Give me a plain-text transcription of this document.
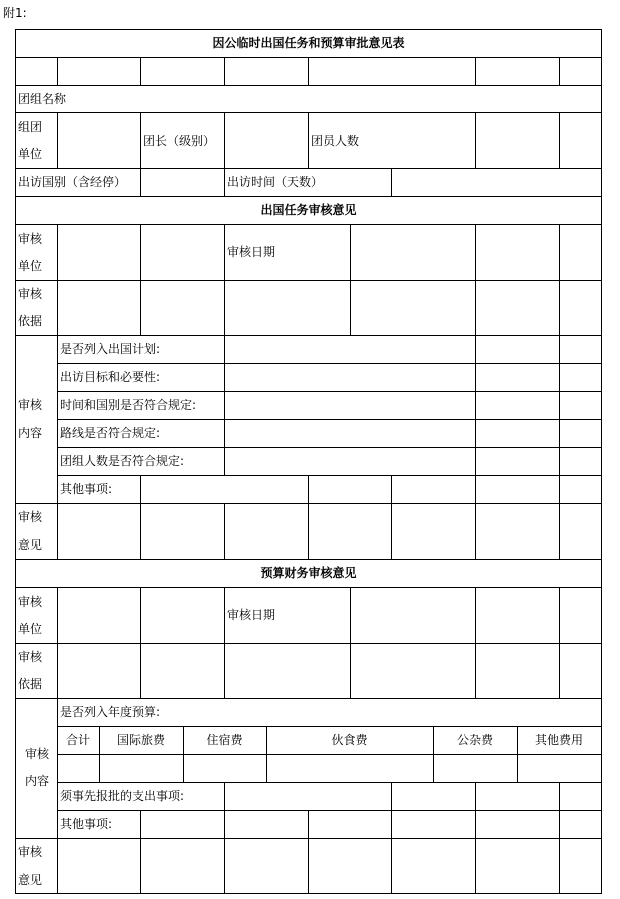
附1:
因公临时出国任务和预算审批意见表
团组名称
组团
单位
团长（级别）	团员人数
出访国别（含经停）	出访时间（天数）
出国任务审核意见
审核
单位
审核日期
审核
依据
审核
内容
是否列入出国计划:
出访目标和必要性:
时间和国别是否符合规定:
路线是否符合规定:
团组人数是否符合规定:
其他事项:
审核
意见
预算财务审核意见
审核
单位
审核日期
审核
依据
审核
内容
是否列入年度预算:
合计	国际旅费	住宿费	伙食费	公杂费	其他费用
须事先报批的支出事项:
其他事项:
审核
意见
